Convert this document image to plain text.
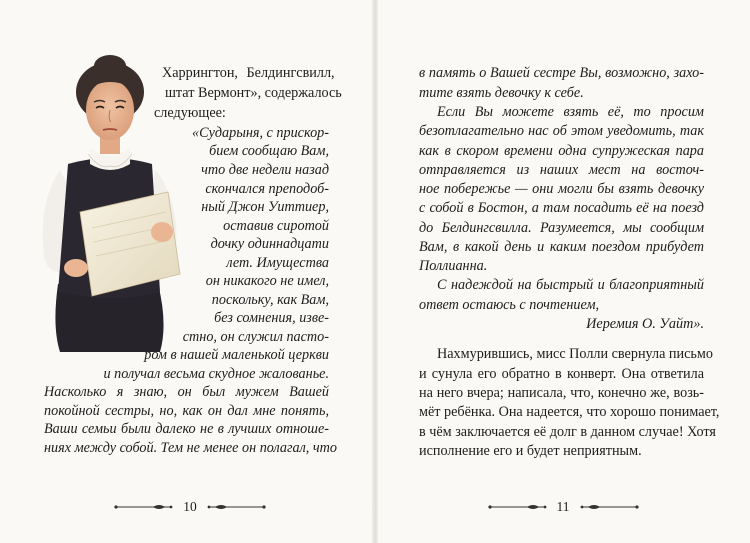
Харрингтон, Белдингсвилл,
штат Вермонт», содержалось
следующее:
«Сударыня, с прискор-
бием сообщаю Вам,
что две недели назад
скончался преподоб-
ный Джон Уиттиер,
оставив сиротой
дочку одиннадцати
лет. Имущества
он никакого не имел,
поскольку, как Вам,
без сомнения, изве-
стно, он служил пасто-
ром в нашей маленькой церкви
и получал весьма скудное жалованье.
Насколько я знаю, он был мужем Вашей
покойной сестры, но, как он дал мне понять,
Ваши семьи были далеко не в лучших отноше-
ниях между собой. Тем не менее он полагал, что
10
в память о Вашей сестре Вы, возможно, захо-
тите взять девочку к себе.
Если Вы можете взять её, то просим
безотлагательно нас об этом уведомить, так
как в скором времени одна супружеская пара
отправляется из наших мест на восточ-
ное побережье — они могли бы взять девочку
с собой в Бостон, а там посадить её на поезд
до Белдингсвилла. Разумеется, мы сообщим
Вам, в какой день и каким поездом прибудет
Поллианна.
С надеждой на быстрый и благоприятный
ответ остаюсь с почтением,
Иеремия О. Уайт».
Нахмурившись, мисс Полли свернула письмо
и сунула его обратно в конверт. Она ответила
на него вчера; написала, что, конечно же, возь-
мёт ребёнка. Она надеется, что хорошо понимает,
в чём заключается её долг в данном случае! Хотя
исполнение его и будет неприятным.
11
